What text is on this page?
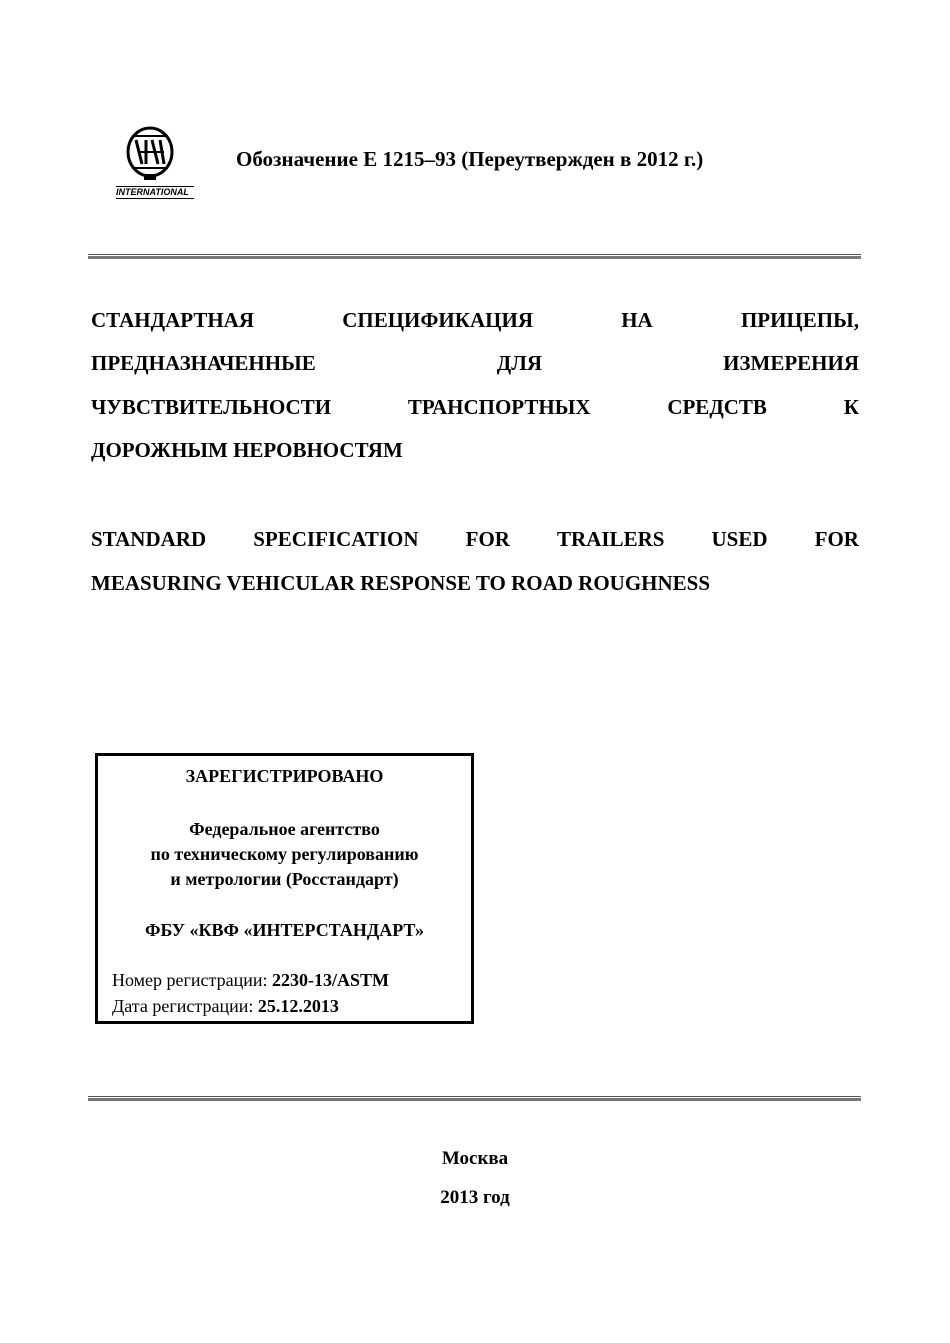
INTERNATIONAL
Обозначение E 1215–93 (Переутвержден в 2012 г.)
СТАНДАРТНАЯ	СПЕЦИФИКАЦИЯ	НА	ПРИЦЕПЫ,
ПРЕДНАЗНАЧЕННЫЕ	ДЛЯ	ИЗМЕРЕНИЯ
ЧУВСТВИТЕЛЬНОСТИ	ТРАНСПОРТНЫХ	СРЕДСТВ	К
ДОРОЖНЫМ НЕРОВНОСТЯМ
STANDARD SPECIFICATION FOR TRAILERS USED FOR
MEASURING VEHICULAR RESPONSE TO ROAD ROUGHNESS
ЗАРЕГИСТРИРОВАНО
Федеральное агентство
по техническому регулированию
и метрологии (Росстандарт)
ФБУ «КВФ «ИНТЕРСТАНДАРТ»
Номер регистрации: 2230-13/ASTM
Дата регистрации: 25.12.2013
Москва
2013 год
